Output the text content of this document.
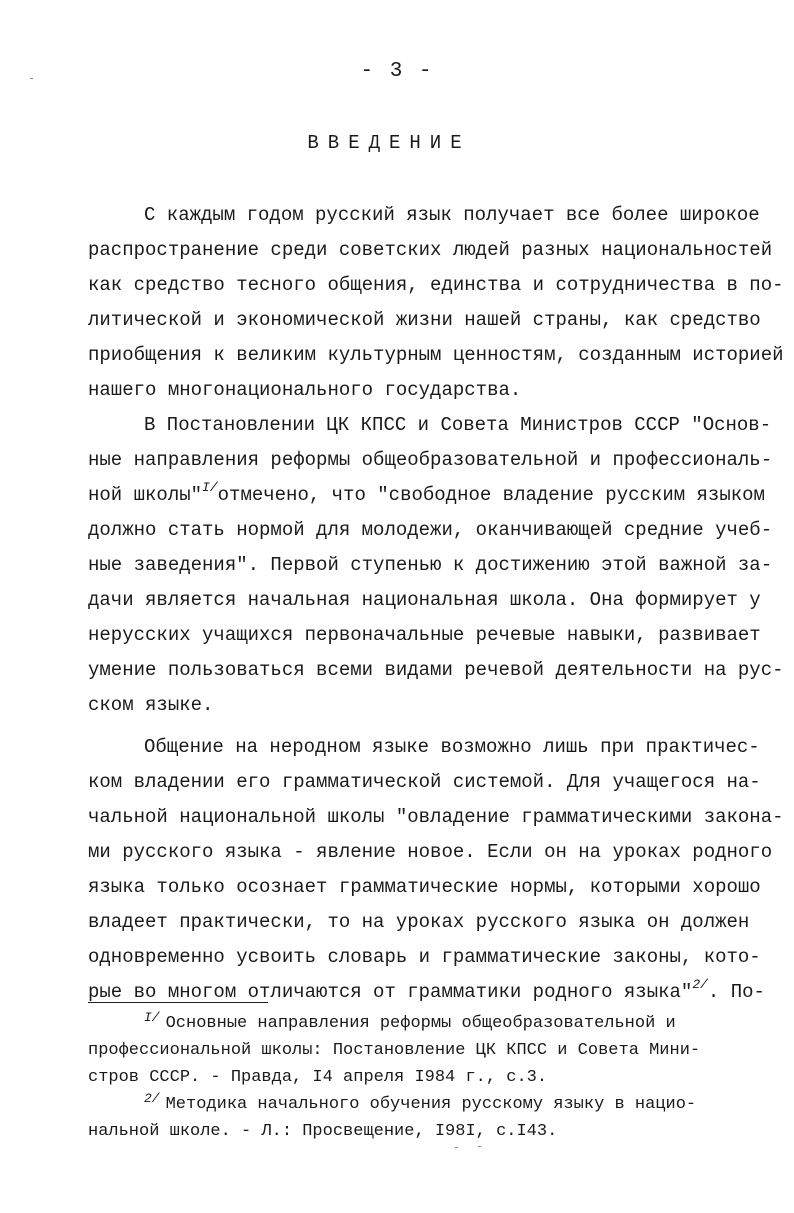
- 3 -
ВВЕДЕНИЕ
С каждым годом русский язык получает все более широкое
распространение среди советских людей разных национальностей
как средство тесного общения, единства и сотрудничества в по-
литической и экономической жизни нашей страны, как средство
приобщения к великим культурным ценностям, созданным историей
нашего многонационального государства.
В Постановлении ЦК КПСС и Совета Министров СССР "Основ-
ные направления реформы общеобразовательной и профессиональ-
ной школы"$^{I/}$отмечено, что "свободное владение русским языком
должно стать нормой для молодежи, оканчивающей средние учеб-
ные заведения". Первой ступенью к достижению этой важной за-
дачи является начальная национальная школа. Она формирует у
нерусских учащихся первоначальные речевые навыки, развивает
умение пользоваться всеми видами речевой деятельности на рус-
ском языке.
Общение на неродном языке возможно лишь при практичес-
ком владении его грамматической системой. Для учащегося на-
чальной национальной школы "овладение грамматическими закона-
ми русского языка - явление новое. Если он на уроках родного
языка только осознает грамматические нормы, которыми хорошо
владеет практически, то на уроках русского языка он должен
одновременно усвоить словарь и грамматические законы, кото-
рые во многом отличаются от грамматики родного языка"$^{2/}$. По-
$^{I/}$ Основные направления реформы общеобразовательной и
профессиональной школы: Постановление ЦК КПСС и Совета Мини-
стров СССР. - Правда, I4 апреля I984 г., с.3.
$^{2/}$ Методика начального обучения русскому языку в нацио-
нальной школе. - Л.: Просвещение, I98I, с.I43.
